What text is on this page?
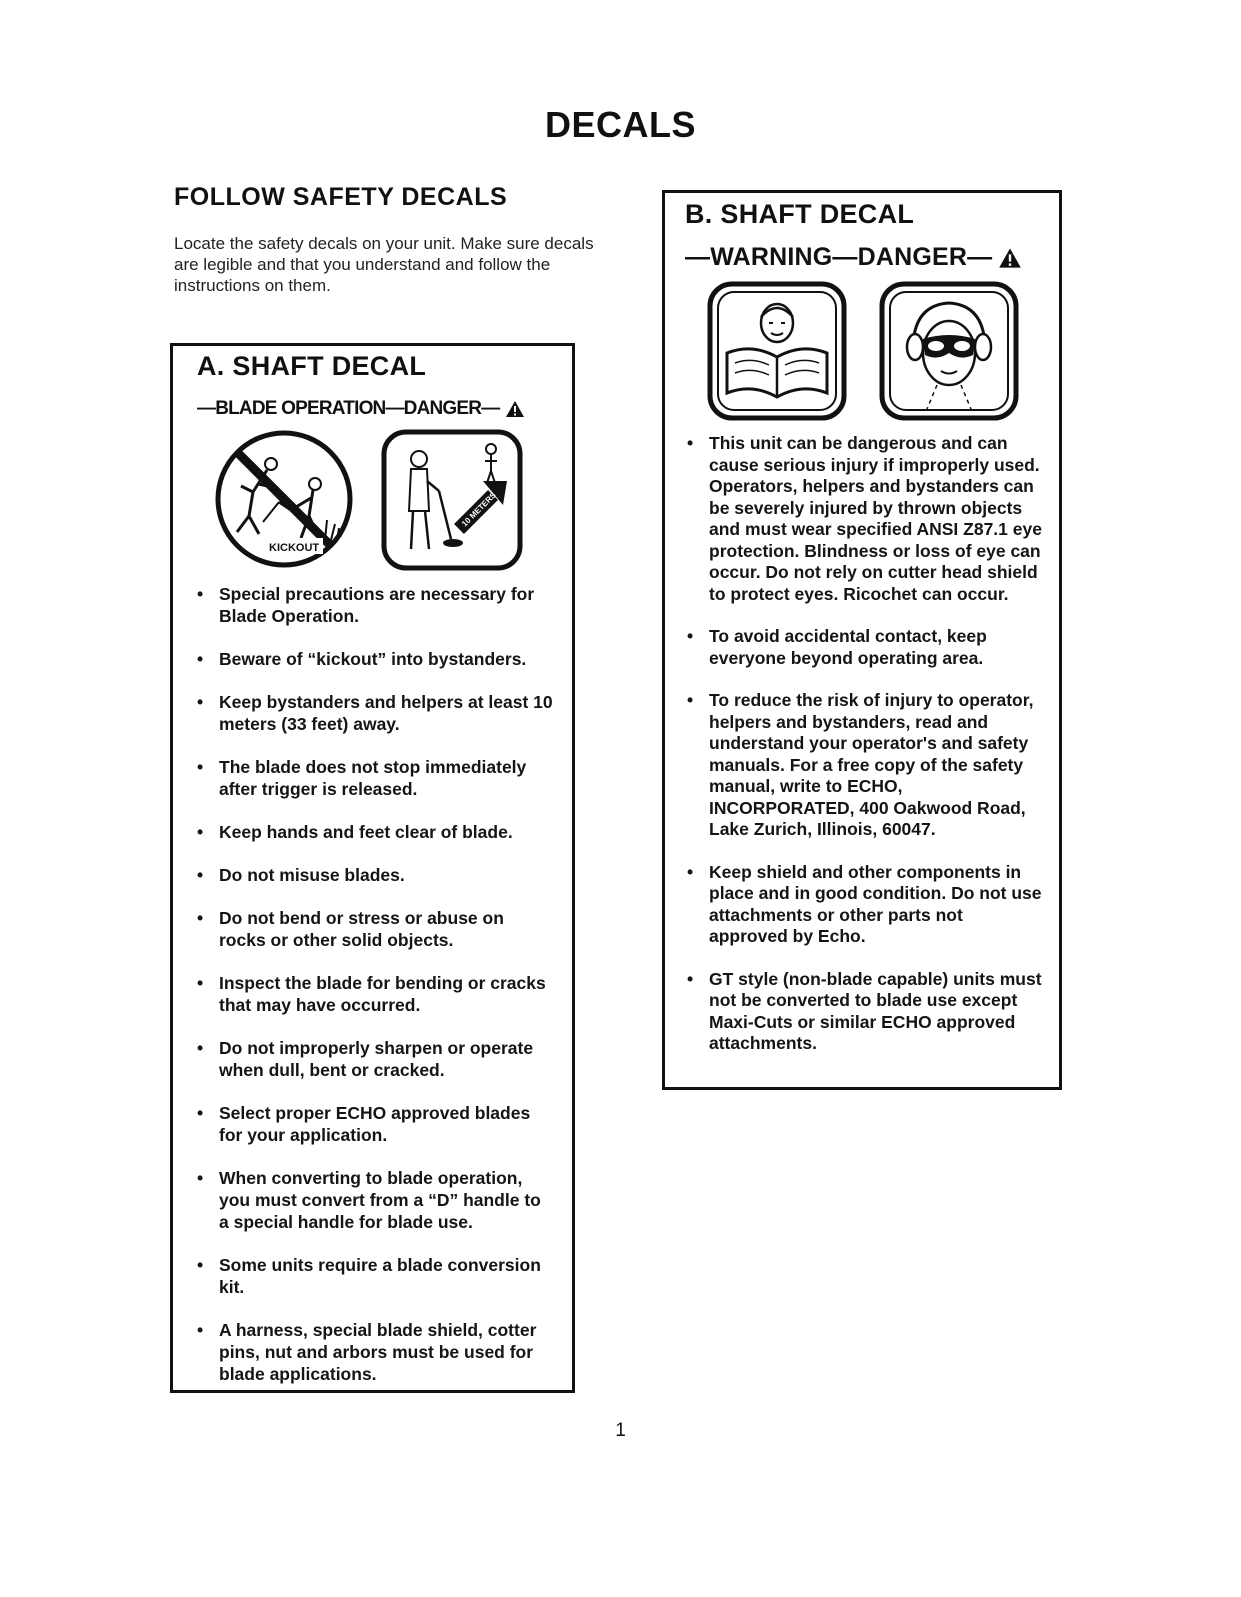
DECALS
FOLLOW SAFETY DECALS
Locate the safety decals on your unit. Make sure decals are legible and that you understand and follow the instructions on them.
A. SHAFT DECAL
—BLADE OPERATION—DANGER—
KICKOUT
10 METERS
• Special precautions are necessary for Blade Operation.
• Beware of “kickout” into bystanders.
• Keep bystanders and helpers at least 10 meters (33 feet) away.
• The blade does not stop immediately after trigger is released.
• Keep hands and feet clear of blade.
• Do not misuse blades.
• Do not bend or stress or abuse on rocks or other solid objects.
• Inspect the blade for bending or cracks that may have occurred.
• Do not improperly sharpen or operate when dull, bent or cracked.
• Select proper ECHO approved blades for your application.
• When converting to blade operation, you must convert from a “D” handle to a special handle for blade use.
• Some units require a blade conversion kit.
• A harness, special blade shield, cotter pins, nut and arbors must be used for blade applications.
B. SHAFT DECAL
—WARNING—DANGER—
• This unit can be dangerous and can cause serious injury if improperly used. Operators, helpers and bystanders can be severely injured by thrown objects and must wear specified ANSI Z87.1 eye protection. Blindness or loss of eye can occur. Do not rely on cutter head shield to protect eyes. Ricochet can occur.
• To avoid accidental contact, keep everyone beyond operating area.
• To reduce the risk of injury to operator, helpers and bystanders, read and understand your operator's and safety manuals. For a free copy of the safety manual, write to ECHO, INCORPORATED, 400 Oakwood Road, Lake Zurich, Illinois, 60047.
• Keep shield and other components in place and in good condition. Do not use attachments or other parts not approved by Echo.
• GT style (non-blade capable) units must not be converted to blade use except Maxi-Cuts or similar ECHO approved attachments.
1
